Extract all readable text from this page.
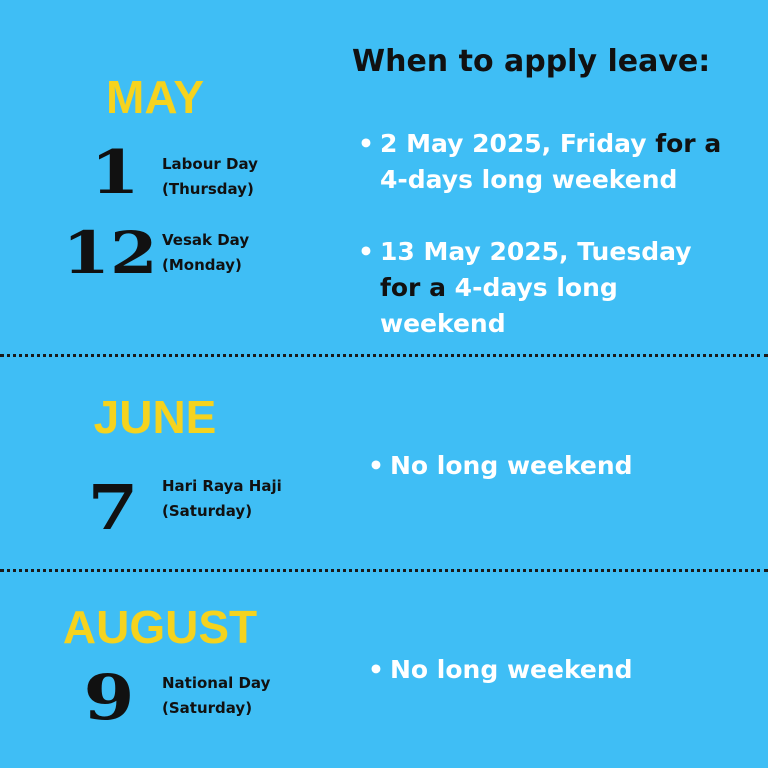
When to apply leave:
MAY
1	Labour Day
(Thursday)
12 Vesak Day
(Monday)
• 2 May 2025, Friday for a
4-days long weekend
• 13 May 2025, Tuesday
for a 4-days long
weekend
JUNE
7	Hari Raya Haji
(Saturday)
• No long weekend
AUGUST
9	National Day
(Saturday)
• No long weekend
